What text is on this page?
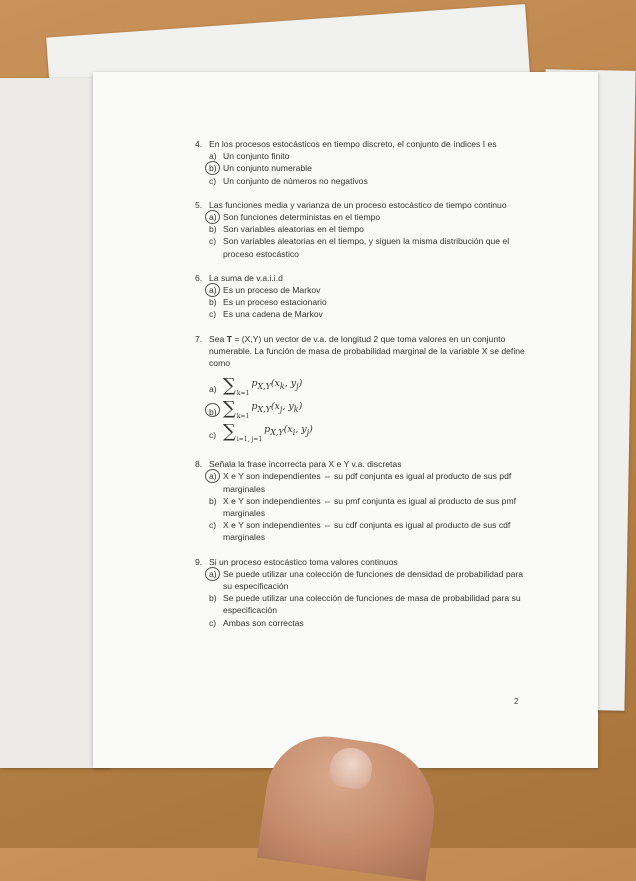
4. En los procesos estocásticos en tiempo discreto, el conjunto de índices I es
a) Un conjunto finito
b) Un conjunto numerable
c) Un conjunto de números no negativos
5. Las funciones media y varianza de un proceso estocástico de tiempo continuo
a) Son funciones deterministas en el tiempo
b) Son variables aleatorias en el tiempo
c) Son variables aleatorias en el tiempo, y siguen la misma distribución que el proceso estocástico
6. La suma de v.a.i.i.d
a) Es un proceso de Markov
b) Es un proceso estacionario
c) Es una cadena de Markov
7. Sea T = (X,Y) un vector de v.a. de longitud 2 que toma valores en un conjunto numerable. La función de masa de probabilidad marginal de la variable X se define como
a) $\sum_{k=1}p_{X,Y}(x_k$, $y_j$)
b) $\sum_{k=1}p_{X,Y}(x_j$, $y_k$)
c) $\sum_{i=1, j=1}p_{X,Y}(x_i$, $y_j$)
8. Señala la frase incorrecta para X e Y v.a. discretas
a) X e Y son independientes ⇔ su pdf conjunta es igual al producto de sus pdf marginales
b) X e Y son independientes ⇔ su pmf conjunta es igual al producto de sus pmf marginales
c) X e Y son independientes ⇔ su cdf conjunta es igual al producto de sus cdf marginales
9. Si un proceso estocástico toma valores continuos
a) Se puede utilizar una colección de funciones de densidad de probabilidad para su especificación
b) Se puede utilizar una colección de funciones de masa de probabilidad para su especificación
c) Ambas son correctas
2
